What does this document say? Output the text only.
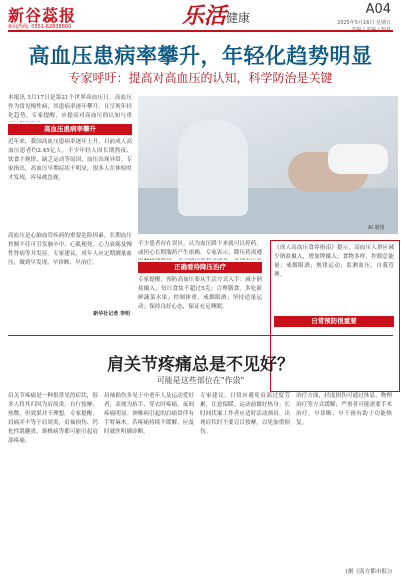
新谷蕊报
新闻热线: 0551-62838800	乐活 健康
A04
2025年5月16日 星期五
高血压患病率攀升，年轻化趋势明显
专家呼吁：提高对高血压的认知，科学防治是关键
本报讯 5月17日是第21个世界高血压日。高血压作为常见慢性病，其患病率逐年攀升，且呈现年轻化趋势。专家提醒，应提高对高血压的认知与重
高血压患病率攀升
近年来，我国高血压患病率逐年上升，目前成人高血压患者约2.45亿人。不少年轻人因长期熬夜、饮食不规律、缺乏运动等原因，血压出现异常。专家指出，高血压早期症状不明显，很多人在体检时才发现，容易被忽视。
高血压是心脑血管疾病的重要危险因素，长期血压控制不佳可引发脑卒中、心肌梗死、心力衰竭及慢性肾病等并发症。专家建议，成年人应定期测量血压，做到早发现、早诊断、早治疗。
新华社记者 李明
AI 制图
正确看待降压治疗
不少患者存在误区，认为血压降下来就可以停药，或担心长期服药产生依赖。专家表示，降压药需遵
专家提醒，预防高血压要从生活方式入手：减少钠盐摄入，每日食盐不超过5克；合理膳食，多吃新鲜蔬菜水果；控制体重，戒烟限酒；坚持适量运动；保持良好心态，保证充足睡眠。
《成人高血压食养指南》提示，高血压人群应减少钠盐摄入，增加钾摄入；食物多样，控制总能量；戒烟限酒；规律运动；监测血压，自我管理。
日常预防很重要
肩关节疼痛总是不见好？
可能是这些部位在"作祟"
肩关节疼痛是一种很常见的症状，很多人将其归因为肩周炎，自行按摩、热敷，但效果并不理想。专家提醒，肩痛并不等于肩周炎，肩袖损伤、钙化性肌腱炎、颈椎病等都可能引起肩部疼痛。
肩袖损伤多见于中老年人及运动爱好者，表现为抬手、穿衣时疼痛，夜间疼痛明显。颈椎病引起的肩痛常伴有手臂麻木。若疼痛持续不缓解，应及时就医明确诊断。
专家建议，日常应避免肩部过度劳累，注意保暖；运动前做好热身；长时间伏案工作者应适时活动颈肩。出现症状时不要盲目按摩，以免加重损伤。
治疗方面，轻度损伤可通过休息、物理治疗等方式缓解；严重者可能需要手术治疗。早诊断、早干预有助于功能恢复。
(据《南方都市报》)
